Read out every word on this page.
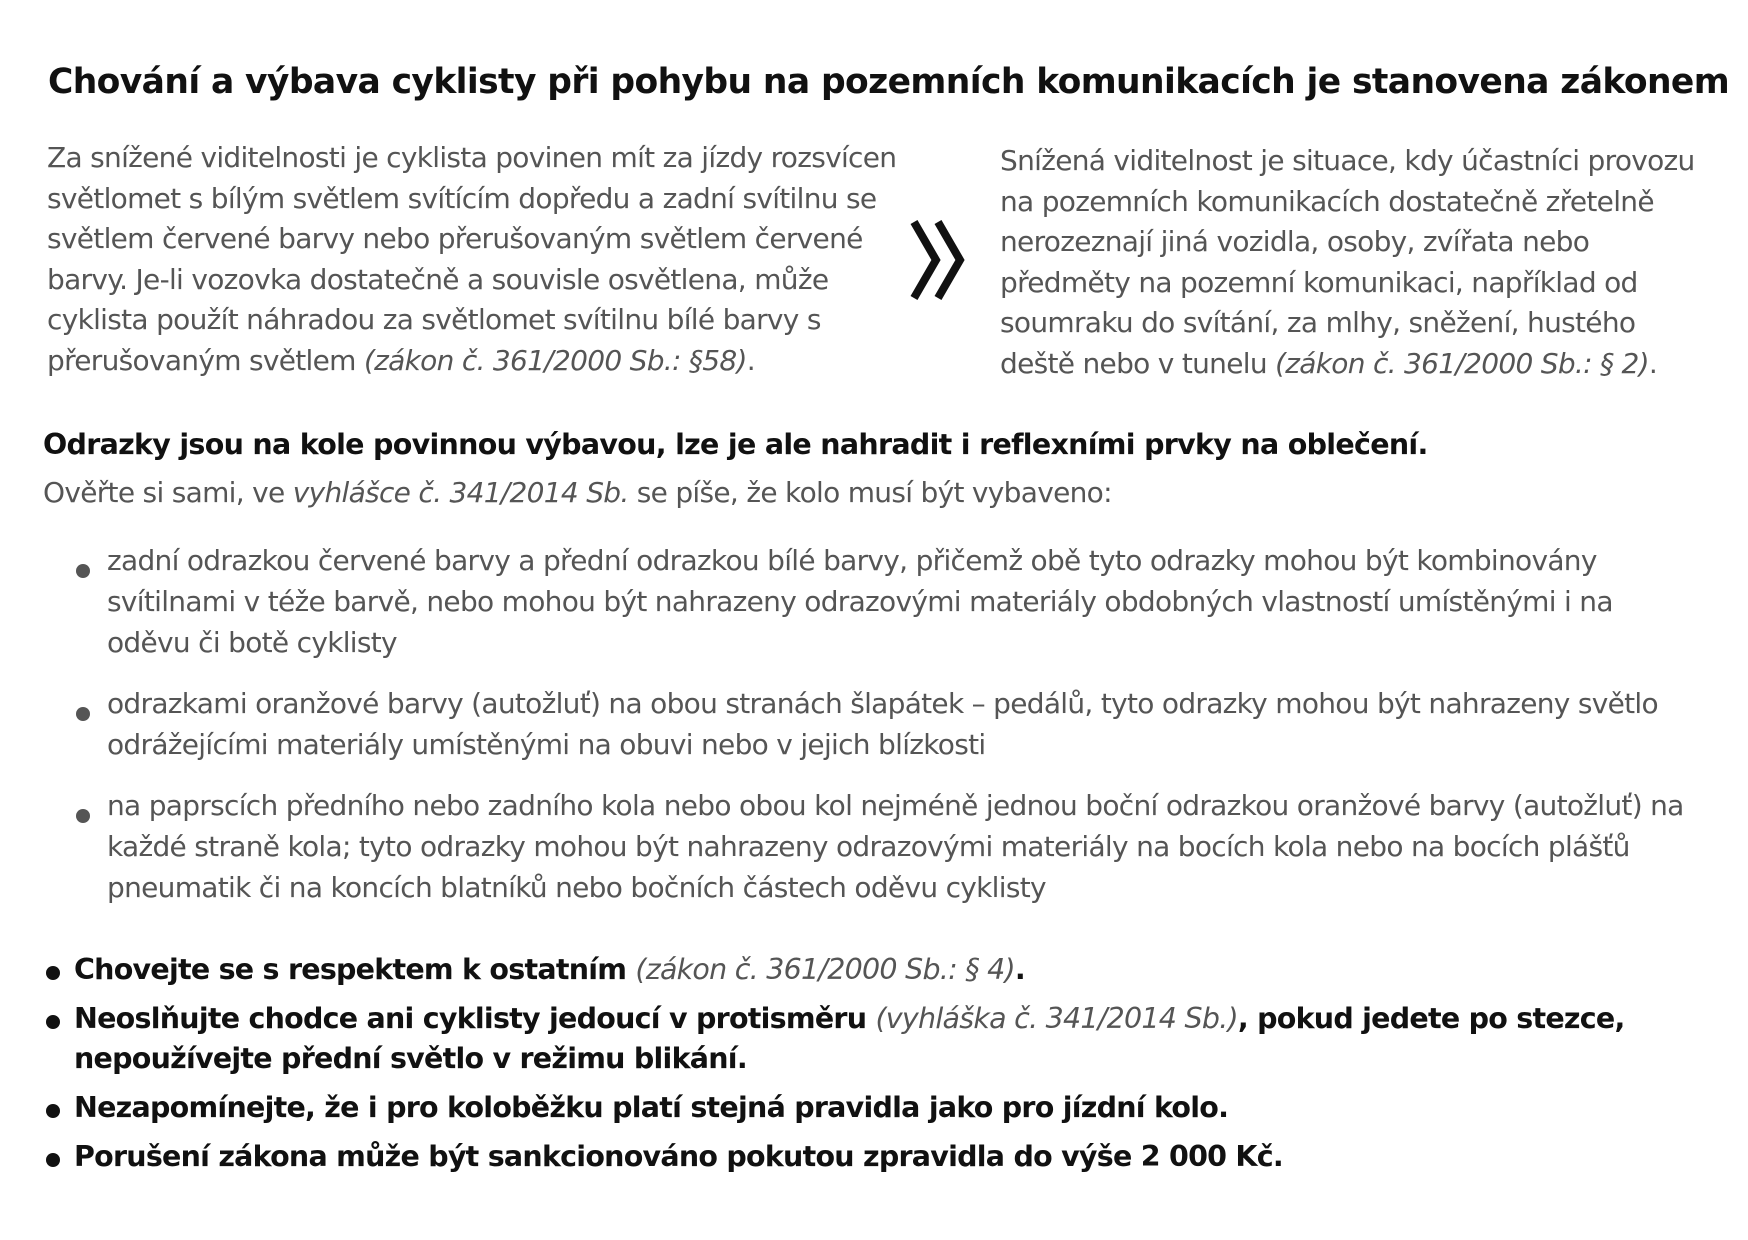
Chování a výbava cyklisty při pohybu na pozemních komunikacích je stanovena zákonem
Za snížené viditelnosti je cyklista povinen mít za jízdy rozsvícen světlomet s bílým světlem svítícím dopředu a zadní svítilnu se světlem červené barvy nebo přerušovaným světlem červené barvy. Je-li vozovka dostatečně a souvisle osvětlena, může cyklista použít náhradou za světlomet svítilnu bílé barvy s přerušovaným světlem (zákon č. 361/2000 Sb.: §58).
Snížená viditelnost je situace, kdy účastníci provozu na pozemních komunikacích dostatečně zřetelně nerozeznají jiná vozidla, osoby, zvířata nebo předměty na pozemní komunikaci, například od soumraku do svítání, za mlhy, sněžení, hustého deště nebo v tunelu (zákon č. 361/2000 Sb.: § 2).
Odrazky jsou na kole povinnou výbavou, lze je ale nahradit i reflexními prvky na oblečení.
Ověřte si sami, ve vyhlášce č. 341/2014 Sb. se píše, že kolo musí být vybaveno:
zadní odrazkou červené barvy a přední odrazkou bílé barvy, přičemž obě tyto odrazky mohou být kombinovány svítilnami v téže barvě, nebo mohou být nahrazeny odrazovými materiály obdobných vlastností umístěnými i na oděvu či botě cyklisty
odrazkami oranžové barvy (autožluť) na obou stranách šlapátek – pedálů, tyto odrazky mohou být nahrazeny světlo odrážejícími materiály umístěnými na obuvi nebo v jejich blízkosti
na paprscích předního nebo zadního kola nebo obou kol nejméně jednou boční odrazkou oranžové barvy (autožluť) na každé straně kola; tyto odrazky mohou být nahrazeny odrazovými materiály na bocích kola nebo na bocích plášťů pneumatik či na koncích blatníků nebo bočních částech oděvu cyklisty
Chovejte se s respektem k ostatním (zákon č. 361/2000 Sb.: § 4).
Neoslňujte chodce ani cyklisty jedoucí v protisměru (vyhláška č. 341/2014 Sb.), pokud jedete po stezce, nepoužívejte přední světlo v režimu blikání.
Nezapomínejte, že i pro koloběžku platí stejná pravidla jako pro jízdní kolo.
Porušení zákona může být sankcionováno pokutou zpravidla do výše 2 000 Kč.
